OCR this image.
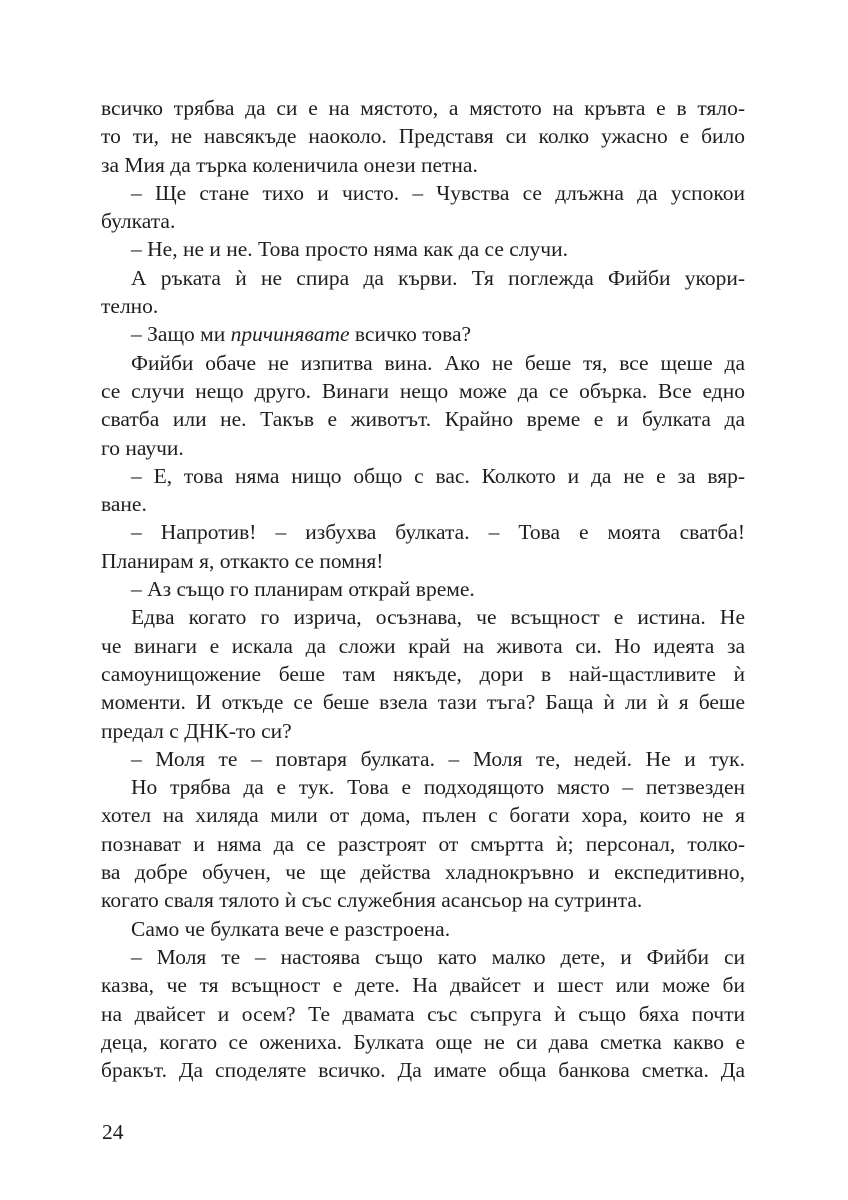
всичко трябва да си е на мястото, а мястото на кръвта е в тяло-
то ти, не навсякъде наоколо. Представя си колко ужасно е било
за Мия да търка коленичила онези петна.
– Ще стане тихо и чисто. – Чувства се длъжна да успокои
булката.
– Не, не и не. Това просто няма как да се случи.
А ръката ѝ не спира да кърви. Тя поглежда Фийби укори-
телно.
– Защо ми причинявате всичко това?
Фийби обаче не изпитва вина. Ако не беше тя, все щеше да
се случи нещо друго. Винаги нещо може да се обърка. Все едно
сватба или не. Такъв е животът. Крайно време е и булката да
го научи.
– Е, това няма нищо общо с вас. Колкото и да не е за вяр-
ване.
– Напротив! – избухва булката. – Това е моята сватба!
Планирам я, откакто се помня!
– Аз също го планирам открай време.
Едва когато го изрича, осъзнава, че всъщност е истина. Не
че винаги е искала да сложи край на живота си. Но идеята за
самоунищожение беше там някъде, дори в най-щастливите ѝ
моменти. И откъде се беше взела тази тъга? Баща ѝ ли ѝ я беше
предал с ДНК-то си?
– Моля те – повтаря булката. – Моля те, недей. Не и тук.
Но трябва да е тук. Това е подходящото място – петзвезден
хотел на хиляда мили от дома, пълен с богати хора, които не я
познават и няма да се разстроят от смъртта ѝ; персонал, толко-
ва добре обучен, че ще действа хладнокръвно и експедитивно,
когато сваля тялото ѝ със служебния асансьор на сутринта.
Само че булката вече е разстроена.
– Моля те – настоява също като малко дете, и Фийби си
казва, че тя всъщност е дете. На двайсет и шест или може би
на двайсет и осем? Те двамата със съпруга ѝ също бяха почти
деца, когато се ожениха. Булката още не си дава сметка какво е
бракът. Да споделяте всичко. Да имате обща банкова сметка. Да
24
